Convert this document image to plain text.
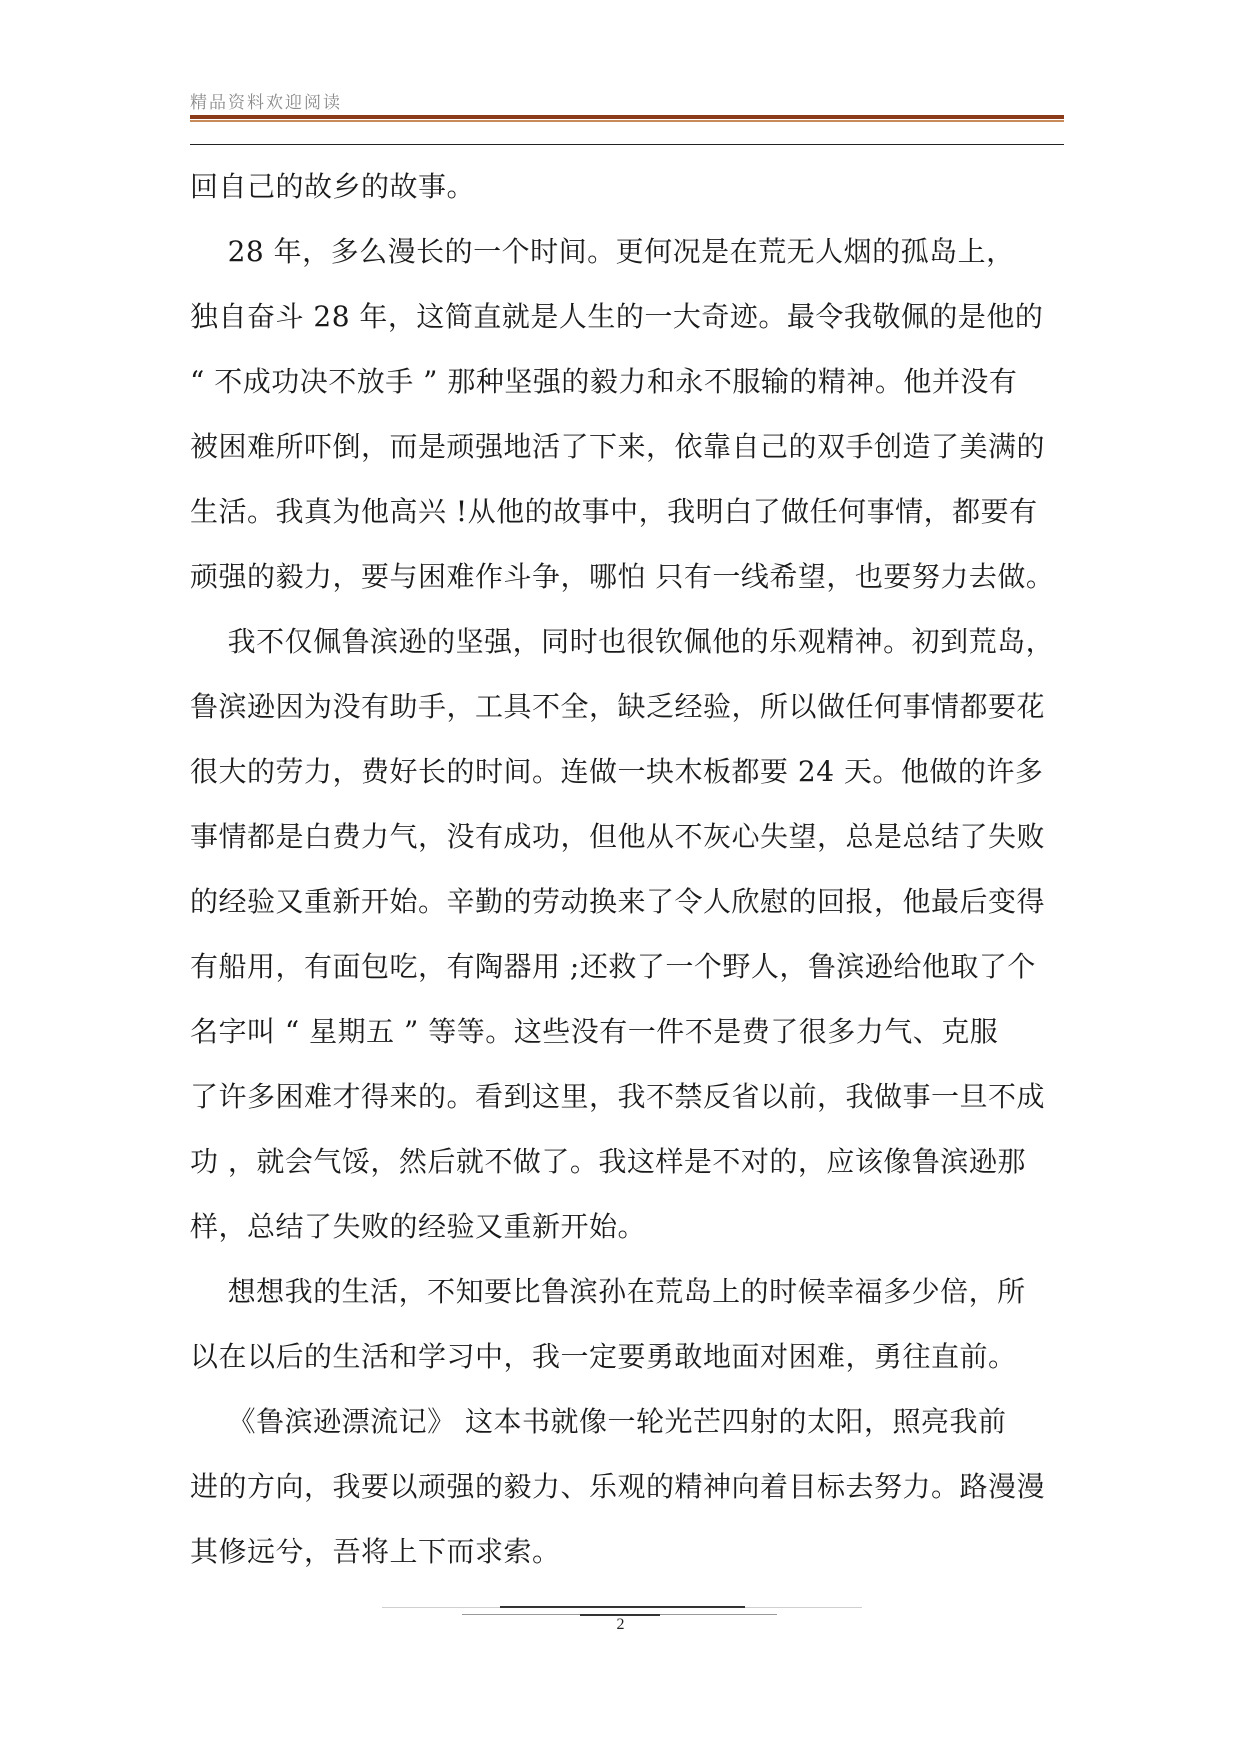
精品资料欢迎阅读
回自己的故乡的故事。
28 年，多么漫长的一个时间。更何况是在荒无人烟的孤岛上，
独自奋斗 28 年，这简直就是人生的一大奇迹。最令我敬佩的是他的
“ 不成功决不放手 ” 那种坚强的毅力和永不服输的精神。他并没有
被困难所吓倒，而是顽强地活了下来，依靠自己的双手创造了美满的
生活。我真为他高兴 !从他的故事中，我明白了做任何事情，都要有
顽强的毅力，要与困难作斗争，哪怕 只有一线希望，也要努力去做。
我不仅佩鲁滨逊的坚强，同时也很钦佩他的乐观精神。初到荒岛，
鲁滨逊因为没有助手，工具不全，缺乏经验，所以做任何事情都要花
很大的劳力，费好长的时间。连做一块木板都要 24 天。他做的许多
事情都是白费力气，没有成功，但他从不灰心失望，总是总结了失败
的经验又重新开始。辛勤的劳动换来了令人欣慰的回报，他最后变得
有船用，有面包吃，有陶器用 ;还救了一个野人，鲁滨逊给他取了个
名字叫 “ 星期五 ” 等等。这些没有一件不是费了很多力气、克服
了许多困难才得来的。看到这里，我不禁反省以前，我做事一旦不成
功 ，就会气馁，然后就不做了。我这样是不对的，应该像鲁滨逊那
样，总结了失败的经验又重新开始。
想想我的生活，不知要比鲁滨孙在荒岛上的时候幸福多少倍，所
以在以后的生活和学习中，我一定要勇敢地面对困难，勇往直前。
《鲁滨逊漂流记》 这本书就像一轮光芒四射的太阳，照亮我前
进的方向，我要以顽强的毅力、乐观的精神向着目标去努力。路漫漫
其修远兮，吾将上下而求索。
2
